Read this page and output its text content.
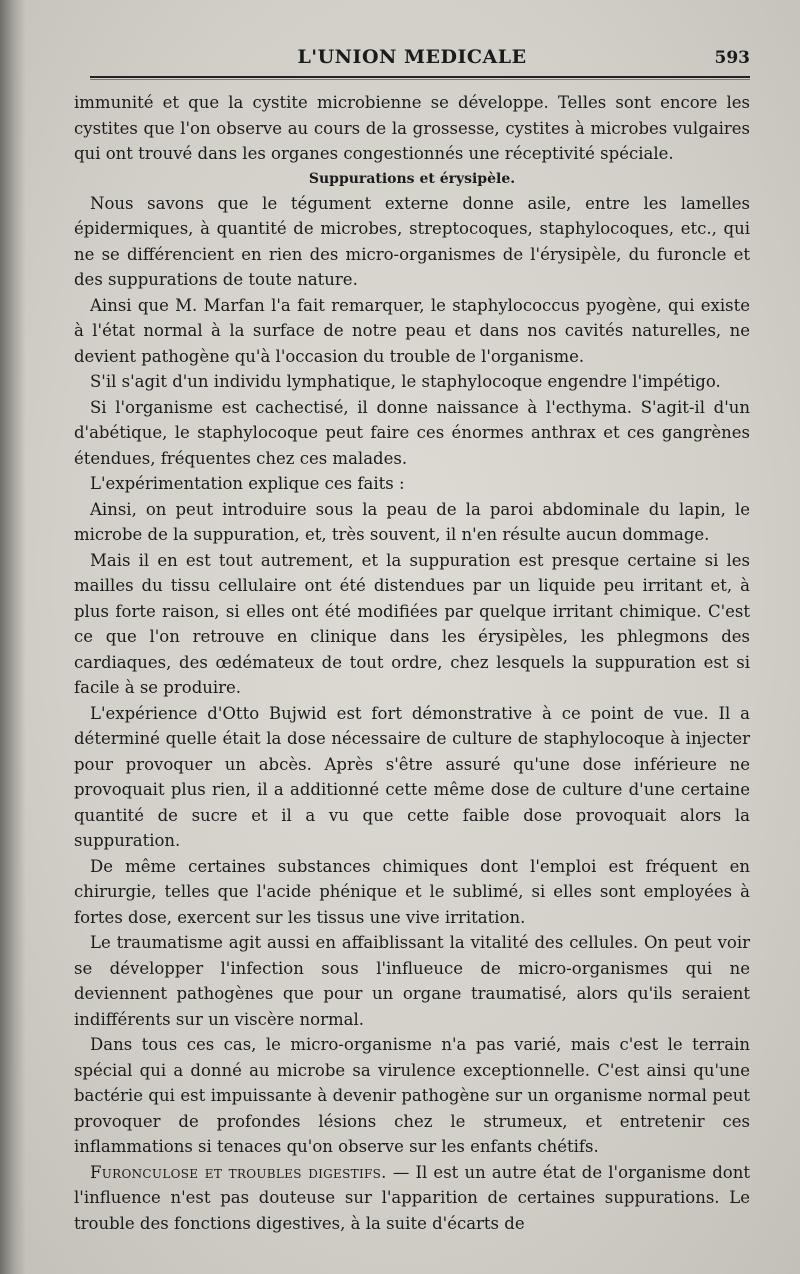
L'UNION MEDICALE	593

immunité et que la cystite microbienne se développe. Telles sont encore les cystites que l'on observe au cours de la grossesse, cystites à microbes vulgaires qui ont trouvé dans les organes congestionnés une réceptivité spéciale.

Suppurations et érysipèle.

Nous savons que le tégument externe donne asile, entre les lamelles épidermiques, à quantité de microbes, streptocoques, staphylocoques, etc., qui ne se différencient en rien des micro-organismes de l'érysipèle, du furoncle et des suppurations de toute nature.

Ainsi que M. Marfan l'a fait remarquer, le staphylococcus pyogène, qui existe à l'état normal à la surface de notre peau et dans nos cavités naturelles, ne devient pathogène qu'à l'occasion du trouble de l'organisme.

S'il s'agit d'un individu lymphatique, le staphylocoque engendre l'impétigo.

Si l'organisme est cachectisé, il donne naissance à l'ecthyma. S'agit-il d'un d'abétique, le staphylocoque peut faire ces énormes anthrax et ces gangrènes étendues, fréquentes chez ces malades.

L'expérimentation explique ces faits :

Ainsi, on peut introduire sous la peau de la paroi abdominale du lapin, le microbe de la suppuration, et, très souvent, il n'en résulte aucun dommage.

Mais il en est tout autrement, et la suppuration est presque certaine si les mailles du tissu cellulaire ont été distendues par un liquide peu irritant et, à plus forte raison, si elles ont été modifiées par quelque irritant chimique. C'est ce que l'on retrouve en clinique dans les érysipèles, les phlegmons des cardiaques, des œdémateux de tout ordre, chez lesquels la suppuration est si facile à se produire.

L'expérience d'Otto Bujwid est fort démonstrative à ce point de vue. Il a déterminé quelle était la dose nécessaire de culture de staphylocoque à injecter pour provoquer un abcès. Après s'être assuré qu'une dose inférieure ne provoquait plus rien, il a additionné cette même dose de culture d'une certaine quantité de sucre et il a vu que cette faible dose provoquait alors la suppuration.

De même certaines substances chimiques dont l'emploi est fréquent en chirurgie, telles que l'acide phénique et le sublimé, si elles sont employées à fortes dose, exercent sur les tissus une vive irritation.

Le traumatisme agit aussi en affaiblissant la vitalité des cellules. On peut voir se développer l'infection sous l'influeuce de micro-organismes qui ne deviennent pathogènes que pour un organe traumatisé, alors qu'ils seraient indifférents sur un viscère normal.

Dans tous ces cas, le micro-organisme n'a pas varié, mais c'est le terrain spécial qui a donné au microbe sa virulence exceptionnelle. C'est ainsi qu'une bactérie qui est impuissante à devenir pathogène sur un organisme normal peut provoquer de profondes lésions chez le strumeux, et entretenir ces inflammations si tenaces qu'on observe sur les enfants chétifs.

Furonculose et troubles digestifs. — Il est un autre état de l'organisme dont l'influence n'est pas douteuse sur l'apparition de certaines suppurations. Le trouble des fonctions digestives, à la suite d'écarts de
